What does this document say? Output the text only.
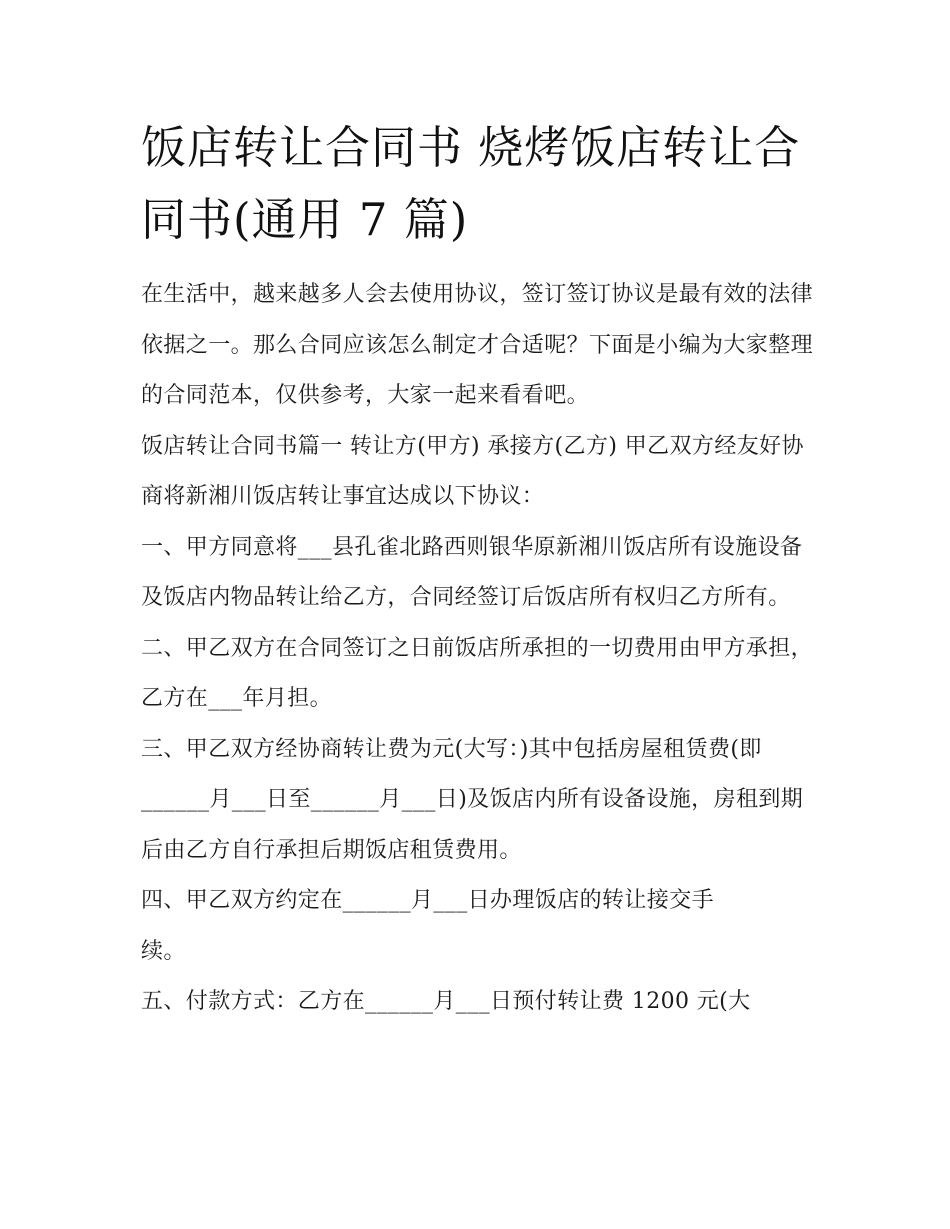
饭店转让合同书 烧烤饭店转让合同书(通用 7 篇)

在生活中，越来越多人会去使用协议，签订签订协议是最有效的法律依据之一。那么合同应该怎么制定才合适呢？下面是小编为大家整理的合同范本，仅供参考，大家一起来看看吧。

饭店转让合同书篇一 转让方(甲方) 承接方(乙方) 甲乙双方经友好协商将新湘川饭店转让事宜达成以下协议：

一、甲方同意将___县孔雀北路西则银华原新湘川饭店所有设施设备及饭店内物品转让给乙方，合同经签订后饭店所有权归乙方所有。

二、甲乙双方在合同签订之日前饭店所承担的一切费用由甲方承担，乙方在___年月担。

三、甲乙双方经协商转让费为元(大写：)其中包括房屋租赁费(即______月___日至______月___日)及饭店内所有设备设施，房租到期后由乙方自行承担后期饭店租赁费用。

四、甲乙双方约定在______月___日办理饭店的转让接交手
续。

五、付款方式：乙方在______月___日预付转让费 1200 元(大
